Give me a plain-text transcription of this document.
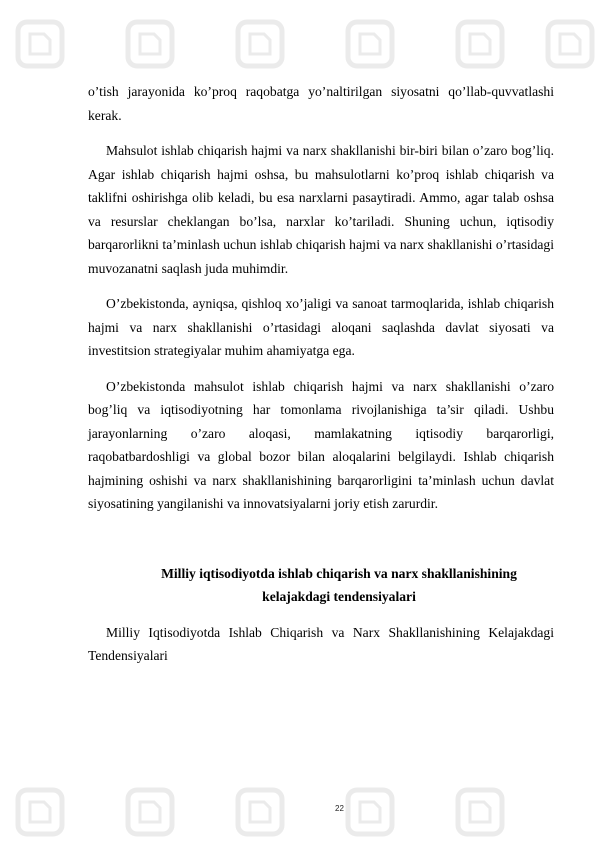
o’tish jarayonida ko’proq raqobatga yo’naltirilgan siyosatni qo’llab-quvvatlashi kerak.

Mahsulot ishlab chiqarish hajmi va narx shakllanishi bir-biri bilan o’zaro bog’liq. Agar ishlab chiqarish hajmi oshsa, bu mahsulotlarni ko’proq ishlab chiqarish va taklifni oshirishga olib keladi, bu esa narxlarni pasaytiradi. Ammo, agar talab oshsa va resurslar cheklangan bo’lsa, narxlar ko’tariladi. Shuning uchun, iqtisodiy barqarorlikni ta’minlash uchun ishlab chiqarish hajmi va narx shakllanishi o’rtasidagi muvozanatni saqlash juda muhimdir.

O’zbekistonda, ayniqsa, qishloq xo’jaligi va sanoat tarmoqlarida, ishlab chiqarish hajmi va narx shakllanishi o’rtasidagi aloqani saqlashda davlat siyosati va investitsion strategiyalar muhim ahamiyatga ega.

O’zbekistonda mahsulot ishlab chiqarish hajmi va narx shakllanishi o’zaro bog’liq va iqtisodiyotning har tomonlama rivojlanishiga ta’sir qiladi. Ushbu jarayonlarning o’zaro aloqasi, mamlakatning iqtisodiy barqarorligi, raqobatbardoshligi va global bozor bilan aloqalarini belgilaydi. Ishlab chiqarish hajmining oshishi va narx shakllanishining barqarorligini ta’minlash uchun davlat siyosatining yangilanishi va innovatsiyalarni joriy etish zarurdir.

Milliy iqtisodiyotda ishlab chiqarish va narx shakllanishining

kelajakdagi tendensiyalari

Milliy Iqtisodiyotda Ishlab Chiqarish va Narx Shakllanishining Kelajakdagi Tendensiyalari

22
